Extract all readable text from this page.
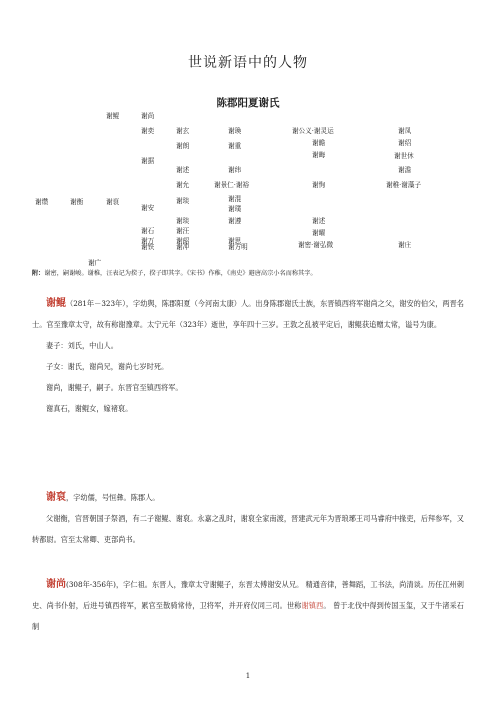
世说新语中的人物
陈郡阳夏谢氏
谢缵	谢衡
谢鲲
谢裒
谢广
谢尚
谢奕
谢据
谢安
谢万
谢石
谢铁
谢玄
谢朗
谢述
谢允
谢琰
谢琰
谢韶
谢汪
谢冲
谢瑍
谢重
谢纬
谢景仁·谢裕
谢混
谢遵
谢璞
谢思
谢方明
谢公义·谢灵运
谢瞻
谢晦
谢恂
谢述
谢曜
谢密·谢弘微
谢凤
谢绍
谢世休
谢澹
谢稚·谢藻子
谢庄
附：谢密，嗣谢峻。谢稚，汪表记为揆子，揆子即其字。《宋书》作稚，《南史》避唐高宗小名而称其字。

谢鲲（281年－323年），字幼舆，陈郡阳夏（今河南太康）人。出身陈郡谢氏士族，东晋镇西将军谢尚之父，谢安的伯父，两晋名士。官至豫章太守，故有称谢豫章。太宁元年（323年）逝世，享年四十三岁。王敦之乱被平定后，谢鲲获追赠太常，谥号为康。

妻子：刘氏，中山人。

子女：谢氏，谢尚兄，谢尚七岁时死。

谢尚，谢鲲子，嗣子。东晋官至镇西将军。

谢真石，谢鲲女，嫁褚裒。

谢裒，字幼儒，号恒彝。陈郡人。

父谢衡，官晋朝国子祭酒，有二子谢鲲、谢裒。永嘉之乱时，谢裒全家南渡，晋建武元年为晋琅琊王司马睿府中掾吏，后拜参军，又转都尉。官至太常卿、吏部尚书。

谢尚(308年-356年)，字仁祖。东晋人，豫章太守谢鲲子，东晋太傅谢安从兄。 精通音律，善舞蹈，工书法，尚清谈。历任江州刺史、尚书仆射，后进号镇西将军，累官至散骑常侍，卫将军，并开府仪同三司。世称谢镇西。 曾于北伐中得到传国玉玺，又于牛渚采石制

1
